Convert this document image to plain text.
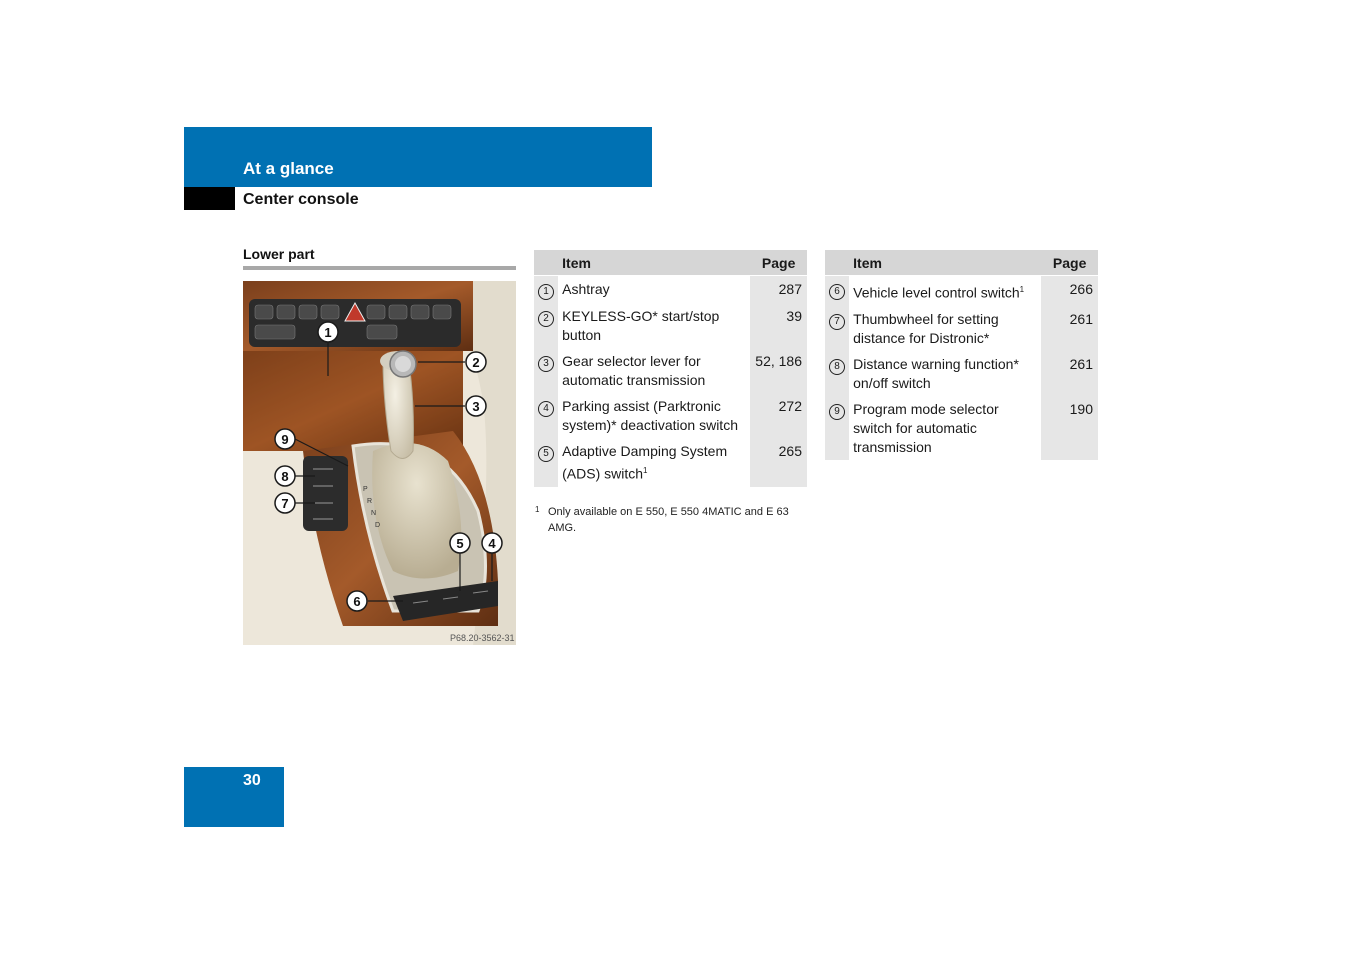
At a glance
Center console
Lower part
P
R
N
D
1
2
3
4
5
6
7
8
9
P68.20-3562-31
	Item	Page
1	Ashtray	287
2	KEYLESS-GO* start/stop button	39
3	Gear selector lever for automatic transmission	52, 186
4	Parking assist (Parktronic system)* deactivation switch	272
5	Adaptive Damping System (ADS) switch$^1$	265
1 Only available on E 550, E 550 4MATIC and E 63 AMG.
	Item	Page
6	Vehicle level control switch$^1$	266
7	Thumbwheel for setting distance for Distronic*	261
8	Distance warning function* on/off switch	261
9	Program mode selector switch for automatic transmission	190
30
